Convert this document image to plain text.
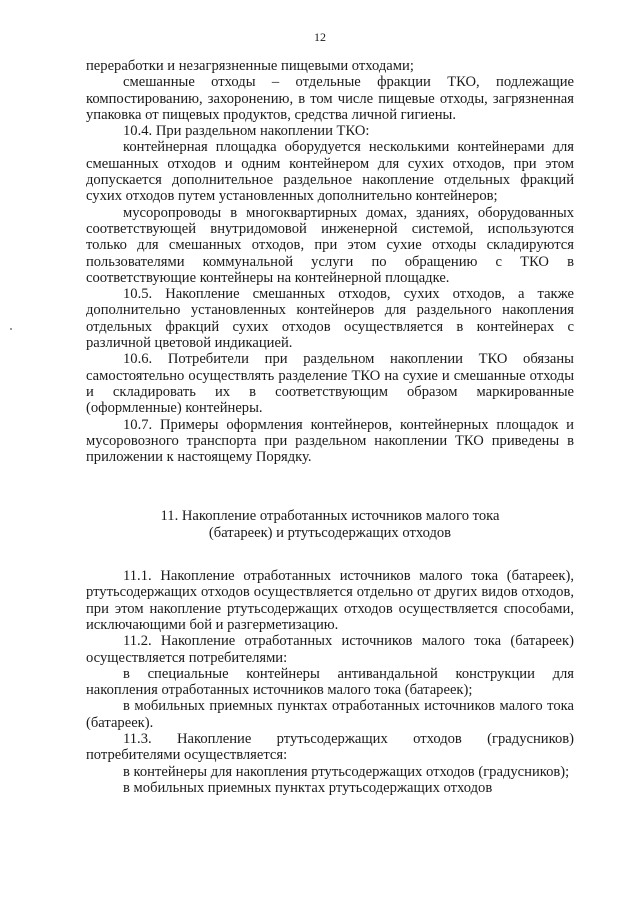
12

переработки и незагрязненные пищевыми отходами;

смешанные отходы – отдельные фракции ТКО, подлежащие компостированию, захоронению, в том числе пищевые отходы, загрязненная упаковка от пищевых продуктов, средства личной гигиены.

10.4. При раздельном накоплении ТКО:

контейнерная площадка оборудуется несколькими контейнерами для смешанных отходов и одним контейнером для сухих отходов, при этом допускается дополнительное раздельное накопление отдельных фракций сухих отходов путем установленных дополнительно контейнеров;

мусоропроводы в многоквартирных домах, зданиях, оборудованных соответствующей внутридомовой инженерной системой, используются только для смешанных отходов, при этом сухие отходы складируются пользователями коммунальной услуги по обращению с ТКО в соответствующие контейнеры на контейнерной площадке.

10.5. Накопление смешанных отходов, сухих отходов, а также дополнительно установленных контейнеров для раздельного накопления отдельных фракций сухих отходов осуществляется в контейнерах с различной цветовой индикацией.

10.6. Потребители при раздельном накоплении ТКО обязаны самостоятельно осуществлять разделение ТКО на сухие и смешанные отходы и складировать их в соответствующим образом маркированные (оформленные) контейнеры.

10.7. Примеры оформления контейнеров, контейнерных площадок и мусоровозного транспорта при раздельном накоплении ТКО приведены в приложении к настоящему Порядку.

11. Накопление отработанных источников малого тока
(батареек) и ртутьсодержащих отходов

11.1. Накопление отработанных источников малого тока (батареек), ртутьсодержащих отходов осуществляется отдельно от других видов отходов, при этом накопление ртутьсодержащих отходов осуществляется способами, исключающими бой и разгерметизацию.

11.2. Накопление отработанных источников малого тока (батареек) осуществляется потребителями:

в специальные контейнеры антивандальной конструкции для накопления отработанных источников малого тока (батареек);

в мобильных приемных пунктах отработанных источников малого тока (батареек).

11.3. Накопление ртутьсодержащих отходов (градусников) потребителями осуществляется:

в контейнеры для накопления ртутьсодержащих отходов (градусников);

в мобильных приемных пунктах ртутьсодержащих отходов
